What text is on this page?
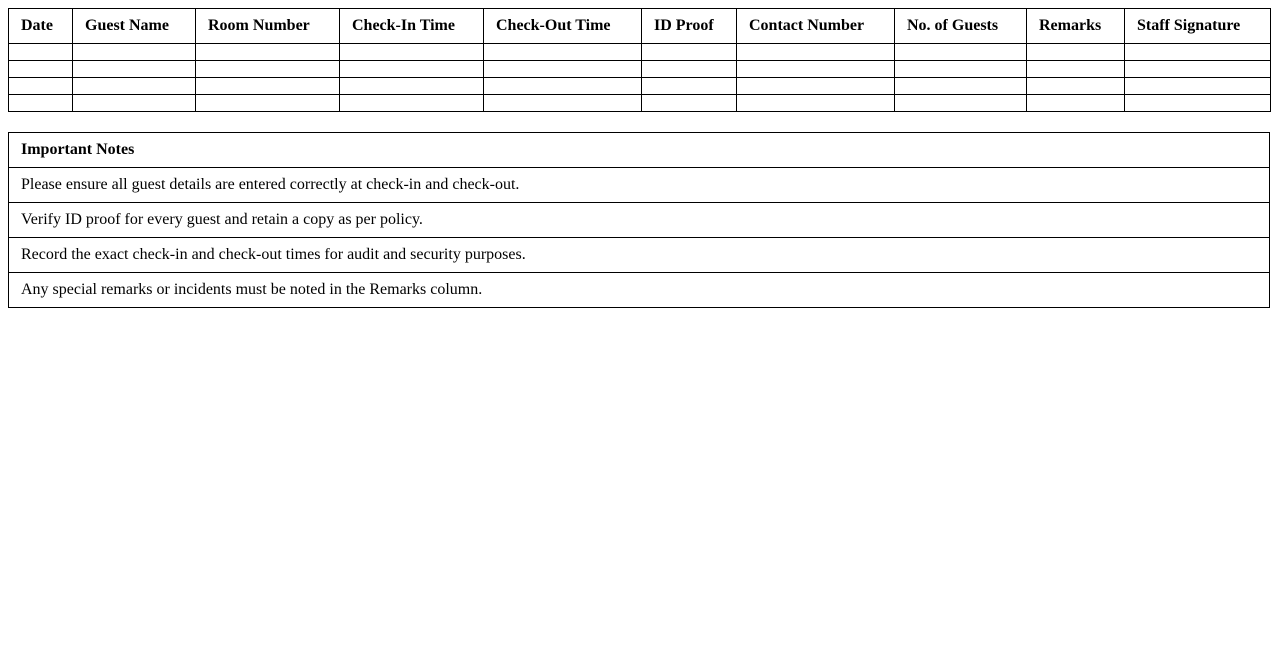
Date	Guest Name	Room Number	Check-In Time	Check-Out Time	ID Proof	Contact Number	No. of Guests	Remarks	Staff Signature

Important Notes
Please ensure all guest details are entered correctly at check-in and check-out.
Verify ID proof for every guest and retain a copy as per policy.
Record the exact check-in and check-out times for audit and security purposes.
Any special remarks or incidents must be noted in the Remarks column.
